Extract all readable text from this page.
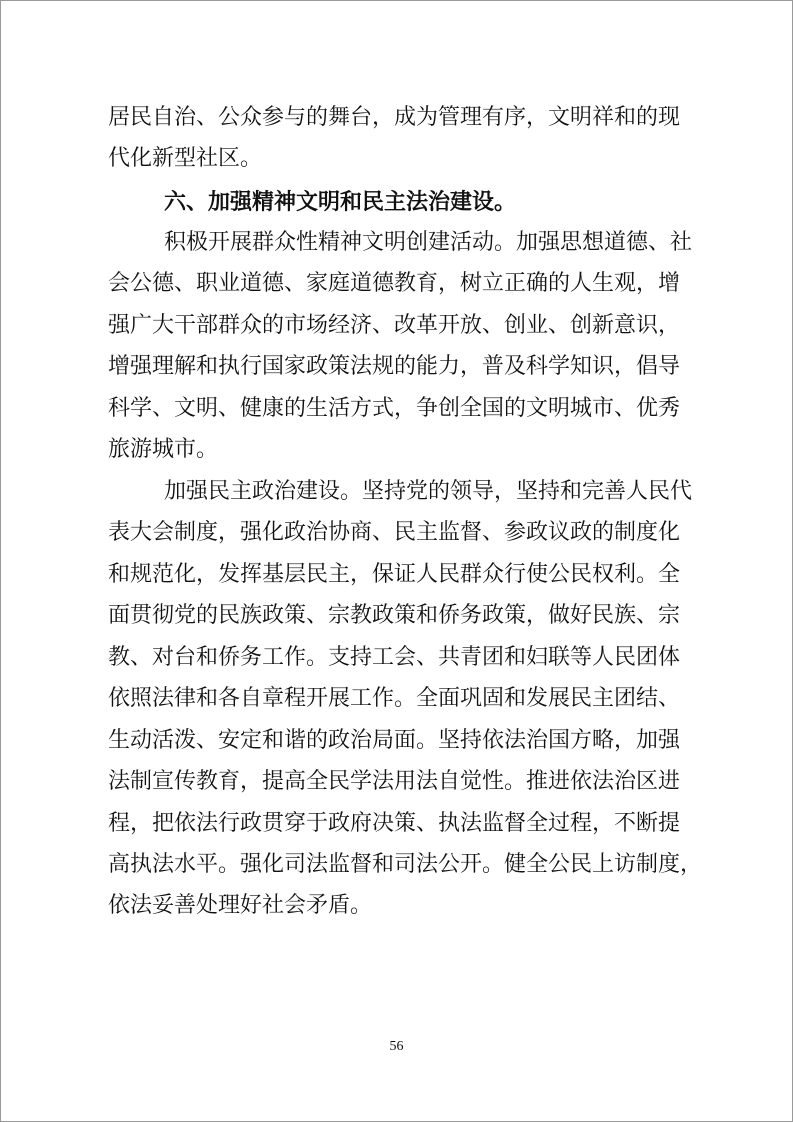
居民自治、公众参与的舞台，成为管理有序，文明祥和的现
代化新型社区。
六、加强精神文明和民主法治建设。
积极开展群众性精神文明创建活动。加强思想道德、社
会公德、职业道德、家庭道德教育，树立正确的人生观，增
强广大干部群众的市场经济、改革开放、创业、创新意识，
增强理解和执行国家政策法规的能力，普及科学知识，倡导
科学、文明、健康的生活方式，争创全国的文明城市、优秀
旅游城市。
加强民主政治建设。坚持党的领导，坚持和完善人民代
表大会制度，强化政治协商、民主监督、参政议政的制度化
和规范化，发挥基层民主，保证人民群众行使公民权利。全
面贯彻党的民族政策、宗教政策和侨务政策，做好民族、宗
教、对台和侨务工作。支持工会、共青团和妇联等人民团体
依照法律和各自章程开展工作。全面巩固和发展民主团结、
生动活泼、安定和谐的政治局面。坚持依法治国方略，加强
法制宣传教育，提高全民学法用法自觉性。推进依法治区进
程，把依法行政贯穿于政府决策、执法监督全过程，不断提
高执法水平。强化司法监督和司法公开。健全公民上访制度，
依法妥善处理好社会矛盾。
56
